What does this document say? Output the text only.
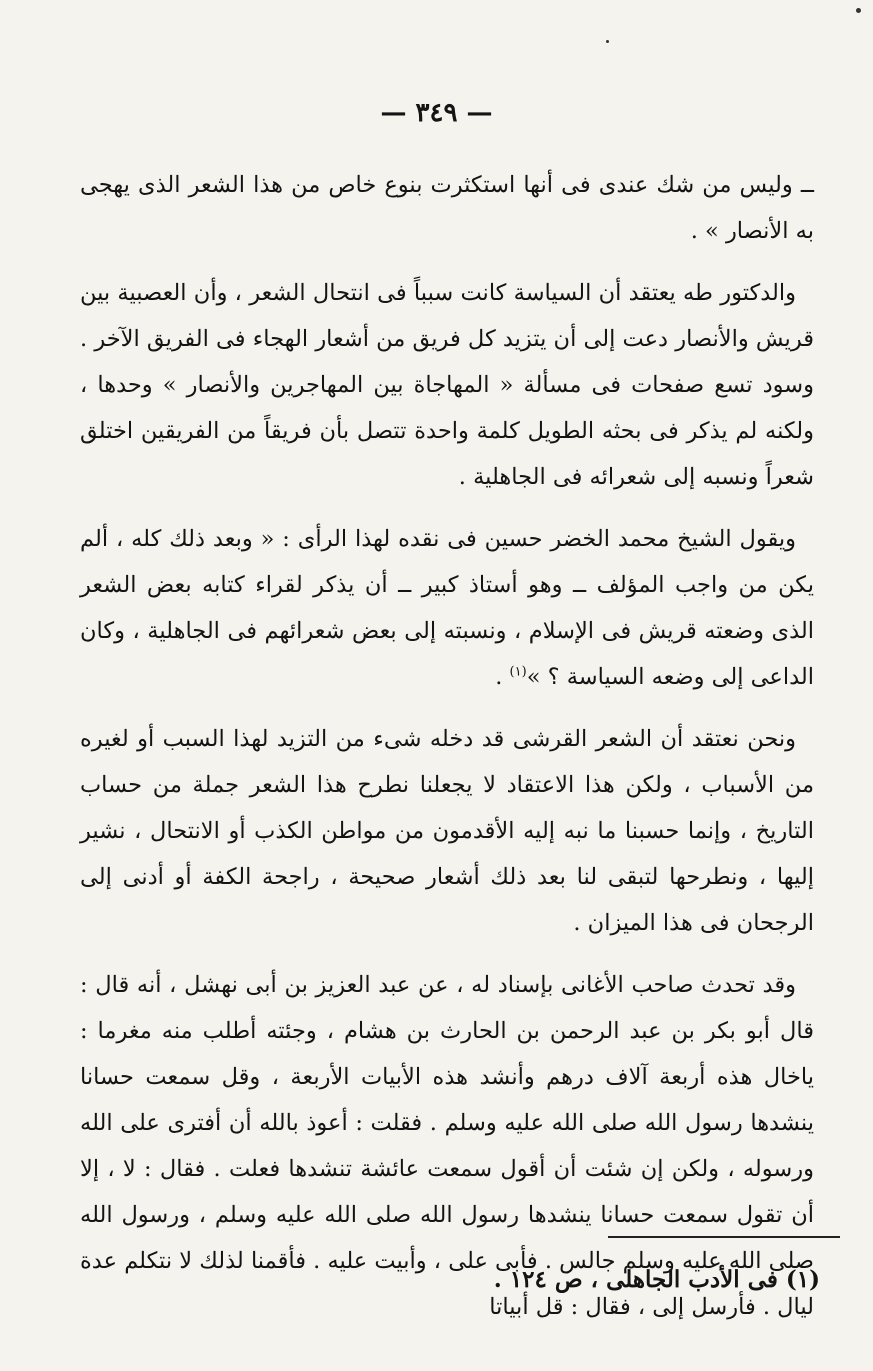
— ٣٤٩ —

ــ وليس من شك عندى فى أنها استكثرت بنوع خاص من هذا الشعر الذى يهجى به الأنصار » .

والدكتور طه يعتقد أن السياسة كانت سبباً فى انتحال الشعر ، وأن العصبية بين قريش والأنصار دعت إلى أن يتزيد كل فريق من أشعار الهجاء فى الفريق الآخر . وسود تسع صفحات فى مسألة « المهاجاة بين المهاجرين والأنصار » وحدها ، ولكنه لم يذكر فى بحثه الطويل كلمة واحدة تتصل بأن فريقاً من الفريقين اختلق شعراً ونسبه إلى شعرائه فى الجاهلية .

ويقول الشيخ محمد الخضر حسين فى نقده لهذا الرأى : « وبعد ذلك كله ، ألم يكن من واجب المؤلف ــ وهو أستاذ كبير ــ أن يذكر لقراء كتابه بعض الشعر الذى وضعته قريش فى الإسلام ، ونسبته إلى بعض شعرائهم فى الجاهلية ، وكان الداعى إلى وضعه السياسة ؟ »$^{(١)}$ .

ونحن نعتقد أن الشعر القرشى قد دخله شىء من التزيد لهذا السبب أو لغيره من الأسباب ، ولكن هذا الاعتقاد لا يجعلنا نطرح هذا الشعر جملة من حساب التاريخ ، وإنما حسبنا ما نبه إليه الأقدمون من مواطن الكذب أو الانتحال ، نشير إليها ، ونطرحها لتبقى لنا بعد ذلك أشعار صحيحة ، راجحة الكفة أو أدنى إلى الرجحان فى هذا الميزان .

وقد تحدث صاحب الأغانى بإسناد له ، عن عبد العزيز بن أبى نهشل ، أنه قال : قال أبو بكر بن عبد الرحمن بن الحارث بن هشام ، وجئته أطلب منه مغرما : ياخال هذه أربعة آلاف درهم وأنشد هذه الأبيات الأربعة ، وقل سمعت حسانا ينشدها رسول الله صلى الله عليه وسلم . فقلت : أعوذ بالله أن أفترى على الله ورسوله ، ولكن إن شئت أن أقول سمعت عائشة تنشدها فعلت . فقال : لا ، إلا أن تقول سمعت حسانا ينشدها رسول الله صلى الله عليه وسلم ، ورسول الله صلى الله عليه وسلم جالس . فأبى على ، وأبيت عليه . فأقمنا لذلك لا نتكلم عدة ليال . فأرسل إلى ، فقال : قل أبياتا

(١) فى الأدب الجاهلى ، ص ١٢٤ .
